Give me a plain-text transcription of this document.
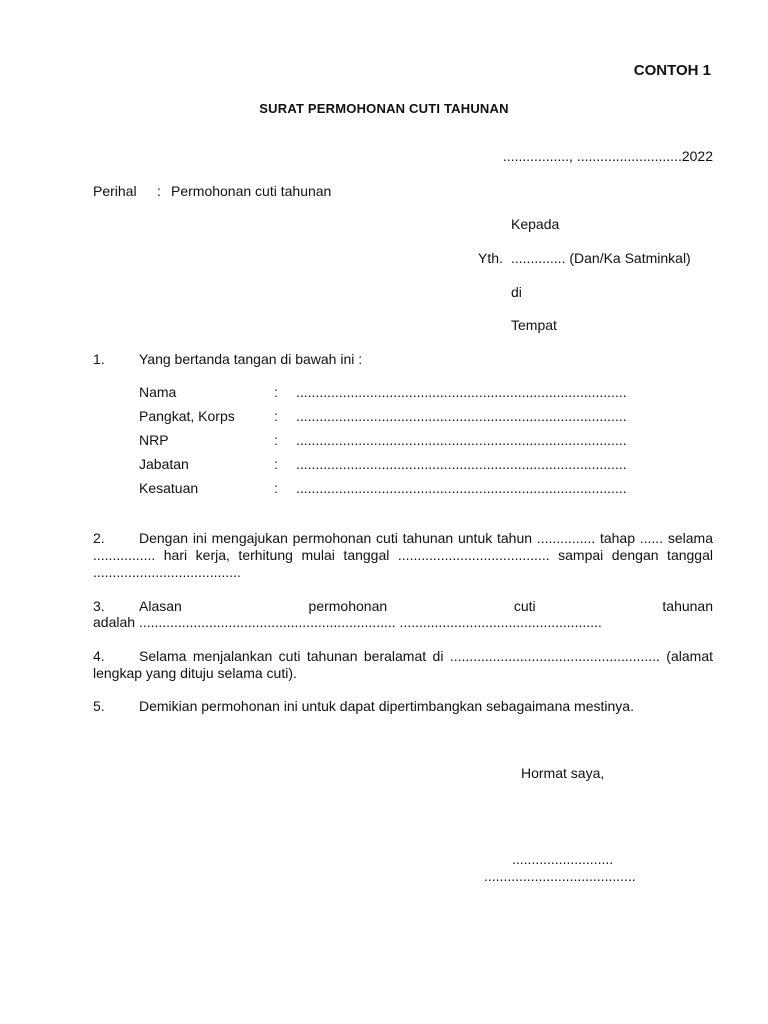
CONTOH 1
SURAT PERMOHONAN CUTI TAHUNAN
................., ...........................2022
Perihal : Permohonan cuti tahunan
Kepada
Yth. .............. (Dan/Ka Satminkal)
di
Tempat
1. Yang bertanda tangan di bawah ini :
Nama	: .....................................................................................
Pangkat, Korps	: .....................................................................................
NRP	: .....................................................................................
Jabatan	: .....................................................................................
Kesatuan	: .....................................................................................
2. Dengan ini mengajukan permohonan cuti tahunan untuk tahun ............... tahap ...... selama ................ hari kerja, terhitung mulai tanggal ....................................... sampai dengan tanggal ......................................
3. Alasan	permohonan	cuti	tahunan
adalah .................................................................. ....................................................
4. Selama menjalankan cuti tahunan beralamat di ...................................................... (alamat lengkap yang dituju selama cuti).
5. Demikian permohonan ini untuk dapat dipertimbangkan sebagaimana mestinya.
Hormat saya,
..........................
.......................................
